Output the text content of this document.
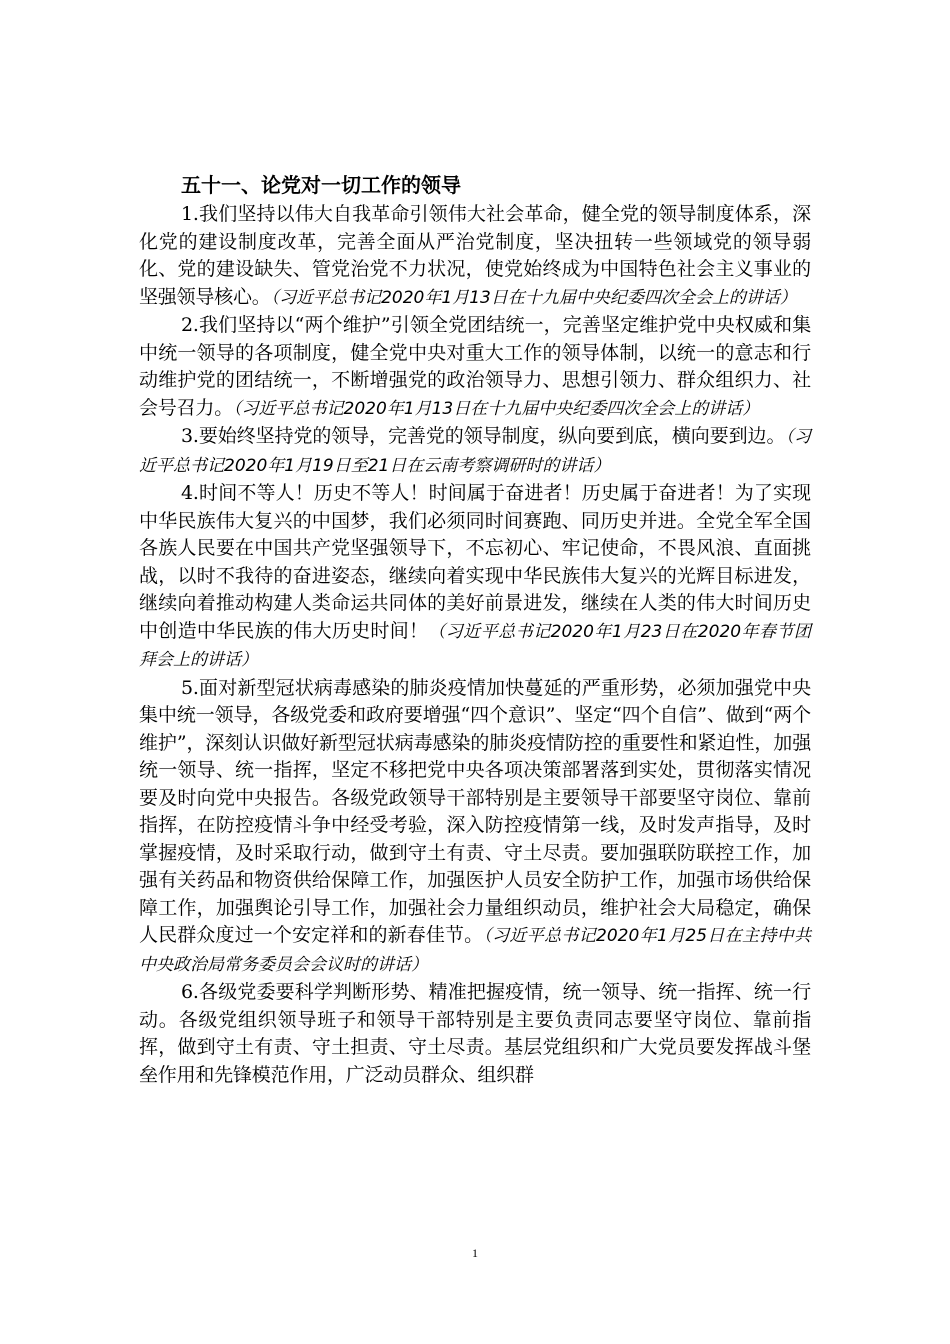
五十一、论党对一切工作的领导

1.我们坚持以伟大自我革命引领伟大社会革命，健全党的领导制度体系，深化党的建设制度改革，完善全面从严治党制度，坚决扭转一些领域党的领导弱化、党的建设缺失、管党治党不力状况，使党始终成为中国特色社会主义事业的坚强领导核心。（习近平总书记2020年1月13日在十九届中央纪委四次全会上的讲话）

2.我们坚持以“两个维护”引领全党团结统一，完善坚定维护党中央权威和集中统一领导的各项制度，健全党中央对重大工作的领导体制，以统一的意志和行动维护党的团结统一，不断增强党的政治领导力、思想引领力、群众组织力、社会号召力。（习近平总书记2020年1月13日在十九届中央纪委四次全会上的讲话）

3.要始终坚持党的领导，完善党的领导制度，纵向要到底，横向要到边。（习近平总书记2020年1月19日至21日在云南考察调研时的讲话）

4.时间不等人！历史不等人！时间属于奋进者！历史属于奋进者！为了实现中华民族伟大复兴的中国梦，我们必须同时间赛跑、同历史并进。全党全军全国各族人民要在中国共产党坚强领导下，不忘初心、牢记使命，不畏风浪、直面挑战，以时不我待的奋进姿态，继续向着实现中华民族伟大复兴的光辉目标进发，继续向着推动构建人类命运共同体的美好前景进发，继续在人类的伟大时间历史中创造中华民族的伟大历史时间！（习近平总书记2020年1月23日在2020年春节团拜会上的讲话）

5.面对新型冠状病毒感染的肺炎疫情加快蔓延的严重形势，必须加强党中央集中统一领导，各级党委和政府要增强“四个意识”、坚定“四个自信”、做到“两个维护”，深刻认识做好新型冠状病毒感染的肺炎疫情防控的重要性和紧迫性，加强统一领导、统一指挥，坚定不移把党中央各项决策部署落到实处，贯彻落实情况要及时向党中央报告。各级党政领导干部特别是主要领导干部要坚守岗位、靠前指挥，在防控疫情斗争中经受考验，深入防控疫情第一线，及时发声指导，及时掌握疫情，及时采取行动，做到守土有责、守土尽责。要加强联防联控工作，加强有关药品和物资供给保障工作，加强医护人员安全防护工作，加强市场供给保障工作，加强舆论引导工作，加强社会力量组织动员，维护社会大局稳定，确保人民群众度过一个安定祥和的新春佳节。（习近平总书记2020年1月25日在主持中共中央政治局常务委员会会议时的讲话）

6.各级党委要科学判断形势、精准把握疫情，统一领导、统一指挥、统一行动。各级党组织领导班子和领导干部特别是主要负责同志要坚守岗位、靠前指挥，做到守土有责、守土担责、守土尽责。基层党组织和广大党员要发挥战斗堡垒作用和先锋模范作用，广泛动员群众、组织群

1
